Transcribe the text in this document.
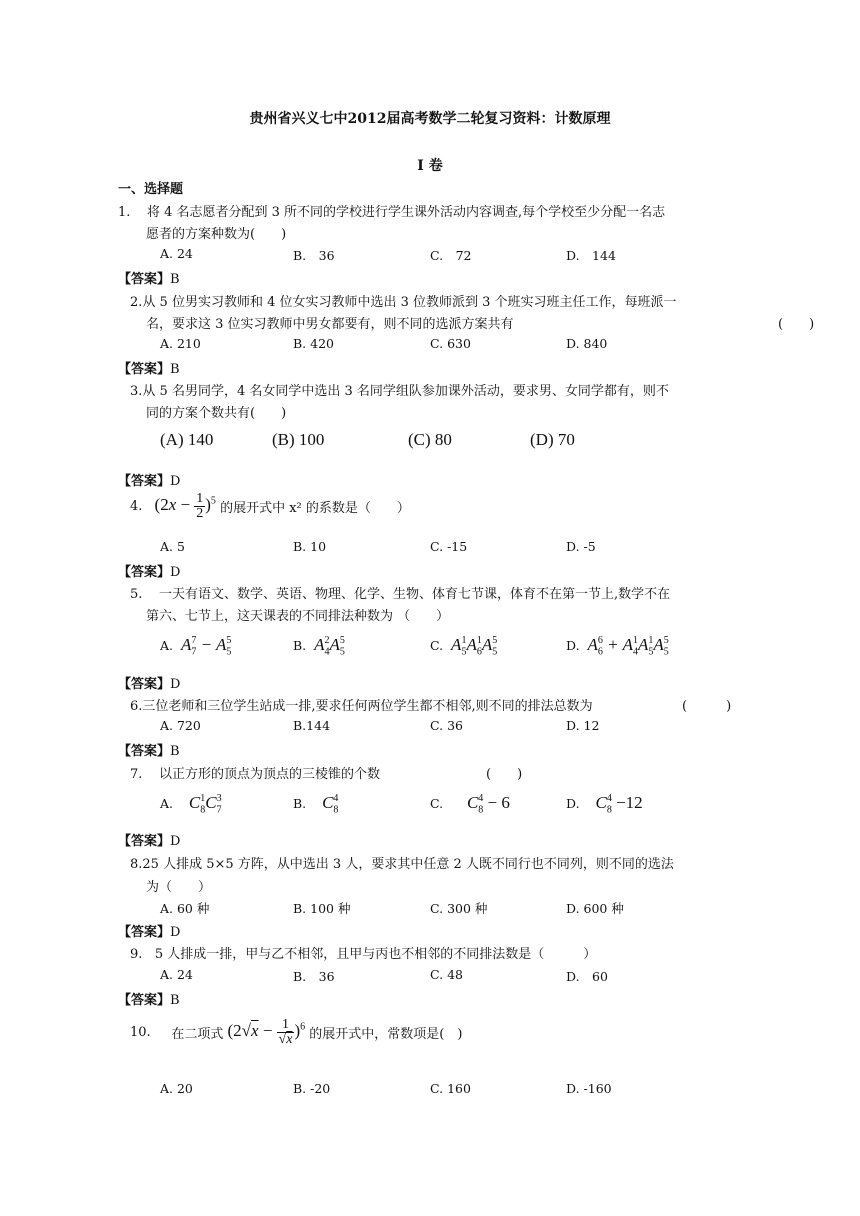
贵州省兴义七中2012届高考数学二轮复习资料：计数原理
I 卷
一、选择题
1. 将 4 名志愿者分配到 3 所不同的学校进行学生课外活动内容调查,每个学校至少分配一名志
愿者的方案种数为(　　)
A. 24	B.　36	C.　72	D.　144
【答案】B
2.从 5 位男实习教师和 4 位女实习教师中选出 3 位教师派到 3 个班实习班主任工作，每班派一
名，要求这 3 位实习教师中男女都要有，则不同的选派方案共有	(　　)
A. 210	B. 420	C. 630	D. 840
【答案】B
3.从 5 名男同学，4 名女同学中选出 3 名同学组队参加课外活动，要求男、女同学都有，则不
同的方案个数共有(　　)
(A) 140	(B) 100	(C) 80	(D) 70
【答案】D
4. $(2x - \frac{1}{2} )^5$ 的展开式中 x² 的系数是（　　）
A. 5	B. 10	C. -15	D. -5
【答案】D
5. 一天有语文、数学、英语、物理、化学、生物、体育七节课，体育不在第一节上,数学不在
第六、七节上，这天课表的不同排法种数为 （　　）
A. $A_7^7 - A_5^5$	B. $A_4^2A_5^5$	C. $A_5^1A_6^1A_5^5$	D. $A_6^6 + A_4^1A_5^1A_5^5$
【答案】D
6.三位老师和三位学生站成一排,要求任何两位学生都不相邻,则不同的排法总数为	(　　　)
A. 720	B.144	C. 36	D. 12
【答案】B
7. 以正方形的顶点为顶点的三棱锥的个数	(　　)
A. $C_8^1C_7^3$	B. $C_8^4$	C. $C_8^4 - 6$	D. $C_8^4 -12$
【答案】D
8.25 人排成 5×5 方阵，从中选出 3 人，要求其中任意 2 人既不同行也不同列，则不同的选法
为（　　）
A. 60 种	B. 100 种	C. 300 种	D. 600 种
【答案】D
9. 5 人排成一排，甲与乙不相邻，且甲与丙也不相邻的不同排法数是（　　　）
A. 24	B.　36	C. 48	D.　60
【答案】B
10. 在二项式 $(2√x - \frac{1}{√x} )^6$ 的展开式中，常数项是(　)
A. 20	B. -20	C. 160	D. -160
